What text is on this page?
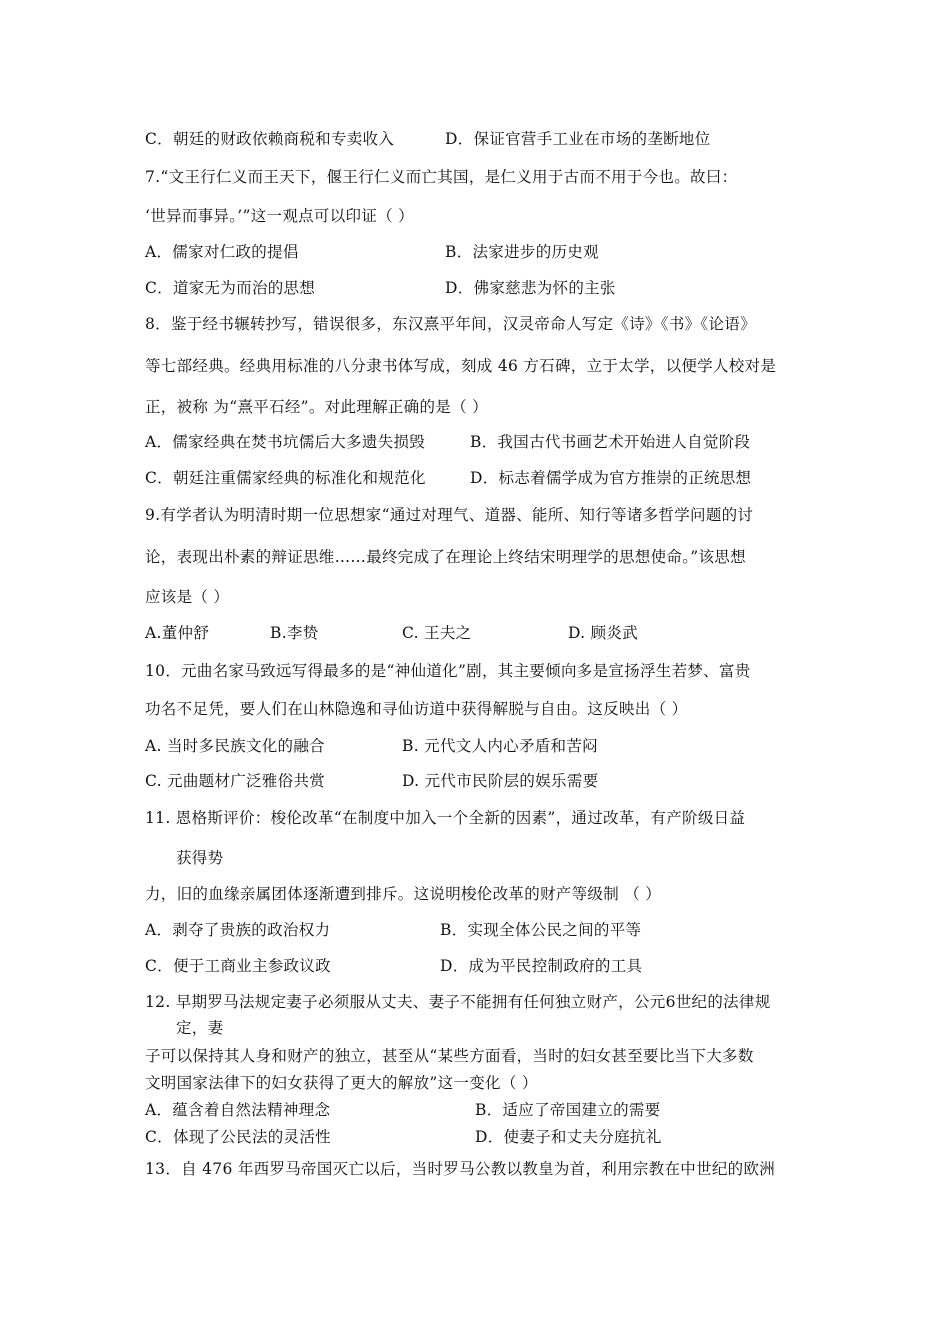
C．朝廷的财政依赖商税和专卖收入	D．保证官营手工业在市场的垄断地位
7.“文王行仁义而王天下，偃王行仁义而亡其国，是仁义用于古而不用于今也。故曰：
‘世异而事异。’”这一观点可以印证（ ）
A．儒家对仁政的提倡	B．法家进步的历史观
C．道家无为而治的思想	D．佛家慈悲为怀的主张
8．鉴于经书辗转抄写，错误很多，东汉熹平年间，汉灵帝命人写定《诗》《书》《论语》
等七部经典。经典用标准的八分隶书体写成，刻成 46 方石碑，立于太学，以便学人校对是
正，被称 为“熹平石经”。对此理解正确的是（ ）
A．儒家经典在焚书坑儒后大多遗失损毁	B．我国古代书画艺术开始进人自觉阶段
C．朝廷注重儒家经典的标准化和规范化	D．标志着儒学成为官方推崇的正统思想
9.有学者认为明清时期一位思想家“通过对理气、道器、能所、知行等诸多哲学问题的讨
论，表现出朴素的辩证思维……最终完成了在理论上终结宋明理学的思想使命。”该思想
应该是（ ）
A.董仲舒	B.李贽	C. 王夫之	D. 顾炎武
10．元曲名家马致远写得最多的是“神仙道化”剧，其主要倾向多是宣扬浮生若梦、富贵
功名不足凭，要人们在山林隐逸和寻仙访道中获得解脱与自由。这反映出（ ）
A. 当时多民族文化的融合	B. 元代文人内心矛盾和苦闷
C. 元曲题材广泛雅俗共赏	D. 元代市民阶层的娱乐需要
11. 恩格斯评价：梭伦改革“在制度中加入一个全新的因素”，通过改革，有产阶级日益
获得势
力，旧的血缘亲属团体逐渐遭到排斥。这说明梭伦改革的财产等级制 （ ）
A．剥夺了贵族的政治权力	B．实现全体公民之间的平等
C．便于工商业主参政议政	D．成为平民控制政府的工具
12. 早期罗马法规定妻子必须服从丈夫、妻子不能拥有任何独立财产，公元6世纪的法律规
定，妻
子可以保持其人身和财产的独立，甚至从“某些方面看，当时的妇女甚至要比当下大多数
文明国家法律下的妇女获得了更大的解放”这一变化（ ）
A．蕴含着自然法精神理念	B．适应了帝国建立的需要
C．体现了公民法的灵活性	D．使妻子和丈夫分庭抗礼
13．自 476 年西罗马帝国灭亡以后，当时罗马公教以教皇为首，利用宗教在中世纪的欧洲
